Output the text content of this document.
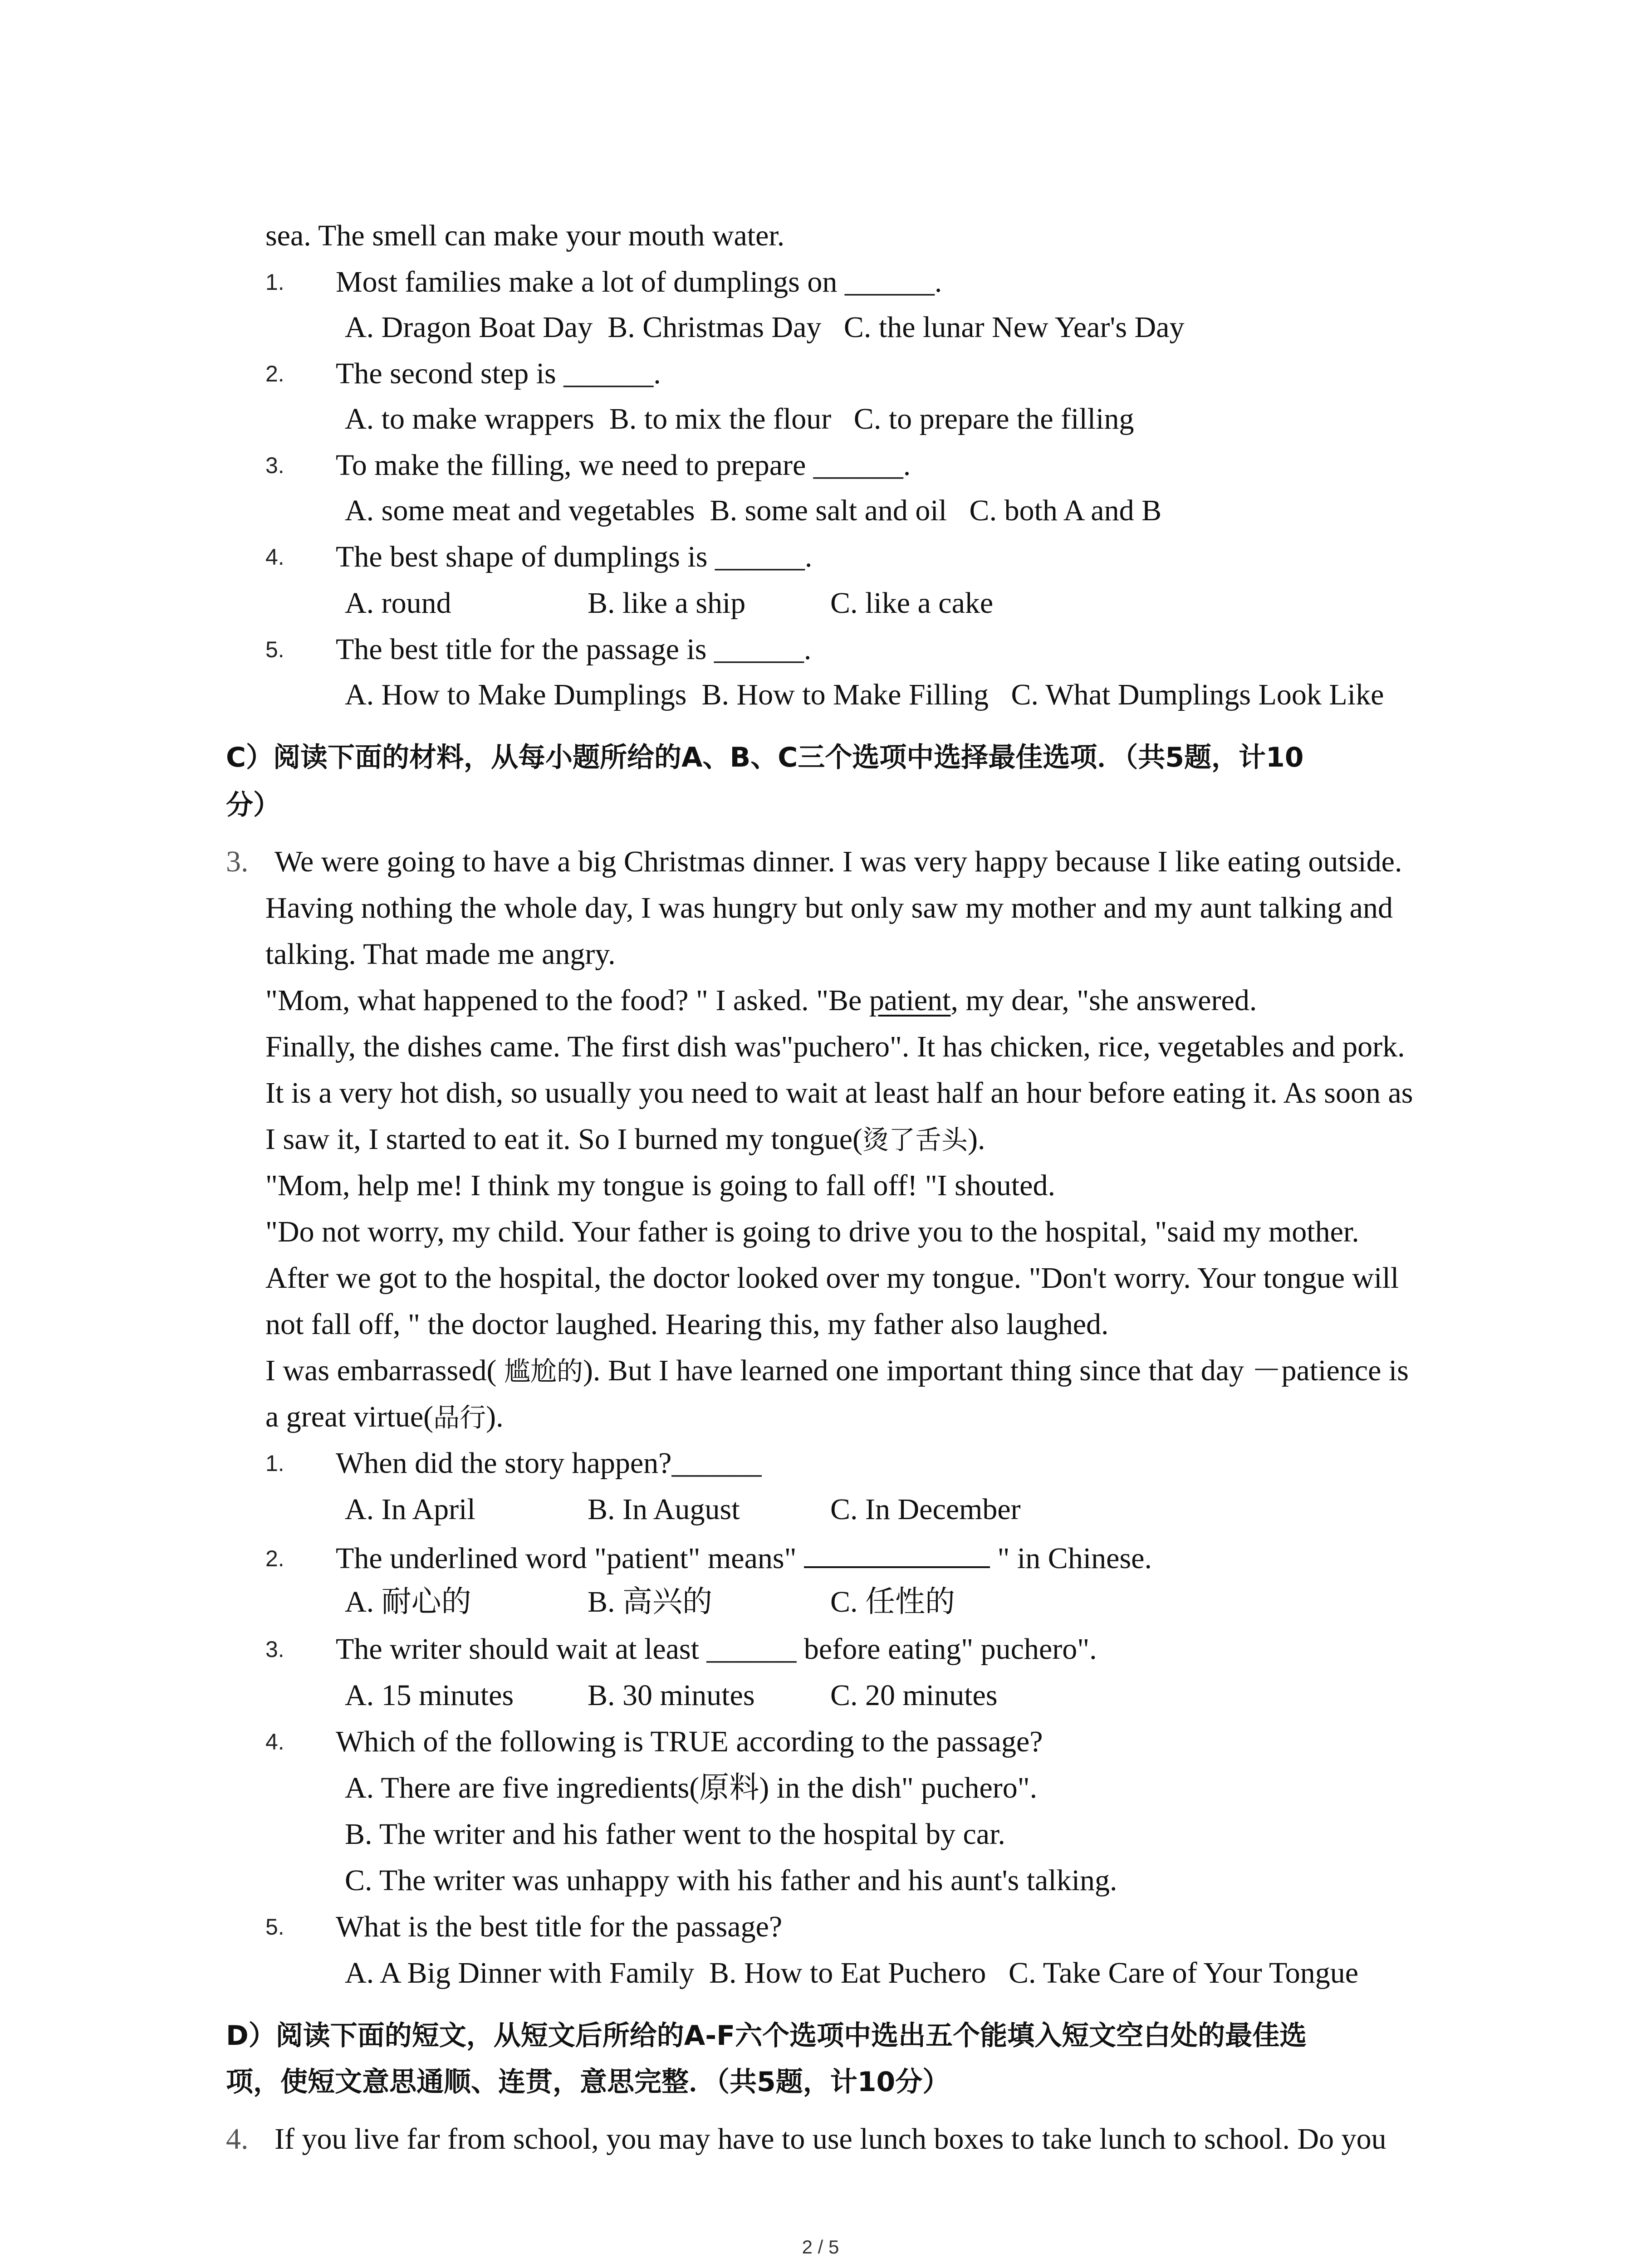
sea. The smell can make your mouth water.
1. Most families make a lot of dumplings on ______.
A. Dragon Boat Day B. Christmas Day C. the lunar New Year's Day
2. The second step is ______.
A. to make wrappers B. to mix the flour C. to prepare the filling
3. To make the filling, we need to prepare ______.
A. some meat and vegetables B. some salt and oil C. both A and B
4. The best shape of dumplings is ______.
A. round	B. like a ship	C. like a cake
5. The best title for the passage is ______.
A. How to Make Dumplings B. How to Make Filling C. What Dumplings Look Like
C）阅读下面的材料，从每小题所给的A、B、C三个选项中选择最佳选项．（共5题，计10
分）
3. We were going to have a big Christmas dinner. I was very happy because I like eating outside.
Having nothing the whole day, I was hungry but only saw my mother and my aunt talking and
talking. That made me angry.
"Mom, what happened to the food? " I asked. "Be patient, my dear, "she answered.
Finally, the dishes came. The first dish was"puchero". It has chicken, rice, vegetables and pork.
It is a very hot dish, so usually you need to wait at least half an hour before eating it. As soon as
I saw it, I started to eat it. So I burned my tongue(烫了舌头).
"Mom, help me! I think my tongue is going to fall off! "I shouted.
"Do not worry, my child. Your father is going to drive you to the hospital, "said my mother.
After we got to the hospital, the doctor looked over my tongue. "Don't worry. Your tongue will
not fall off, " the doctor laughed. Hearing this, my father also laughed.
I was embarrassed( 尴尬的). But I have learned one important thing since that day －patience is
a great virtue(品行).
1. When did the story happen?______
A. In April	B. In August	C. In December
2. The underlined word "patient" means"	" in Chinese.
A. 耐心的	B. 高兴的	C. 任性的
3. The writer should wait at least ______ before eating" puchero".
A. 15 minutes B. 30 minutes	C. 20 minutes
4. Which of the following is TRUE according to the passage?
A. There are five ingredients(原料) in the dish" puchero".
B. The writer and his father went to the hospital by car.
C. The writer was unhappy with his father and his aunt's talking.
5. What is the best title for the passage?
A. A Big Dinner with Family B. How to Eat Puchero C. Take Care of Your Tongue
D）阅读下面的短文，从短文后所给的A-F六个选项中选出五个能填入短文空白处的最佳选
项，使短文意思通顺、连贯，意思完整．（共5题，计10分）
4. If you live far from school, you may have to use lunch boxes to take lunch to school. Do you
2 / 5
